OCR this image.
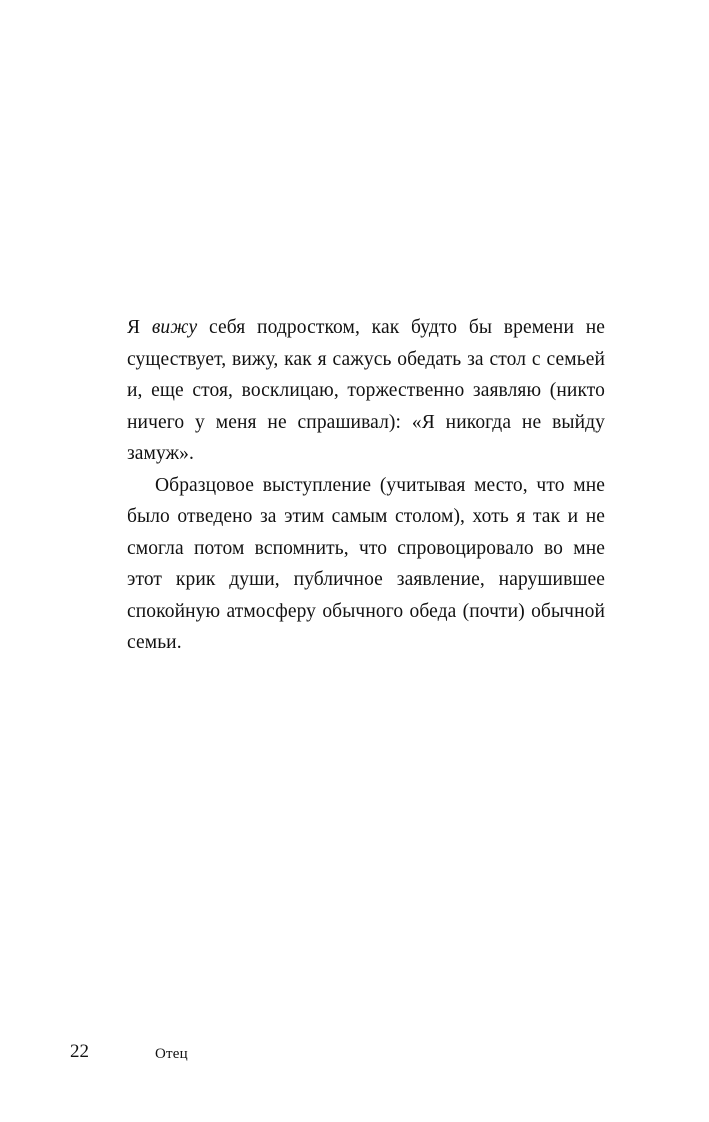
Я вижу себя подростком, как будто бы времени не существует, вижу, как я сажусь обедать за стол с семьей и, еще стоя, восклицаю, торжественно заявляю (никто ничего у меня не спрашивал): «Я никогда не выйду замуж».

Образцовое выступление (учитывая место, что мне было отведено за этим самым столом), хоть я так и не смогла потом вспомнить, что спровоцировало во мне этот крик души, публичное заявление, нарушившее спокойную атмосферу обычного обеда (почти) обычной семьи.

22	Отец
